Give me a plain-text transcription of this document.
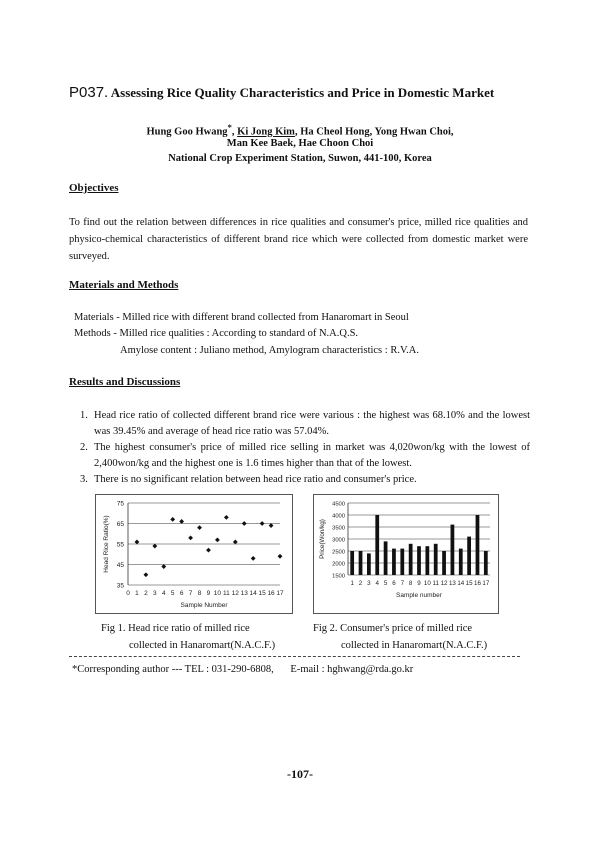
P037. Assessing Rice Quality Characteristics and Price in Domestic Market
Hung Goo Hwang*, Ki Jong Kim, Ha Cheol Hong, Yong Hwan Choi,
Man Kee Baek, Hae Choon Choi
National Crop Experiment Station, Suwon, 441-100, Korea
Objectives
To find out the relation between differences in rice qualities and consumer's price, milled rice qualities and physico-chemical characteristics of different brand rice which were collected from domestic market were surveyed.
Materials and Methods
Materials - Milled rice with different brand collected from Hanaromart in Seoul
Methods - Milled rice qualities : According to standard of N.A.Q.S.
Amylose content : Juliano method, Amylogram characteristics : R.V.A.
Results and Discussions
1. Head rice ratio of collected different brand rice were various : the highest was 68.10% and the lowest was 39.45% and average of head rice ratio was 57.04%.
2. The highest consumer's price of milled rice selling in market was 4,020won/kg with the lowest of 2,400won/kg and the highest one is 1.6 times higher than that of the lowest.
3. There is no significant relation between head rice ratio and consumer's price.
35
45
55
65
75
0 1 2 3 4 5 6 7 8 9 10 11 12 13 14 15 16 17
Sample Number
Head Rice Ratio(%)
1500
2000
2500
3000
3500
4000
4500
1 2 3 4 5 6 7 8 9 10 11 12 13 14 15 16 17
Sample number
Price(Won/kg)
Fig 1. Head rice ratio of milled rice
collected in Hanaromart(N.A.C.F.)
Fig 2. Consumer's price of milled rice
collected in Hanaromart(N.A.C.F.)
*Corresponding author --- TEL : 031-290-6808, E-mail : hghwang@rda.go.kr
-107-
